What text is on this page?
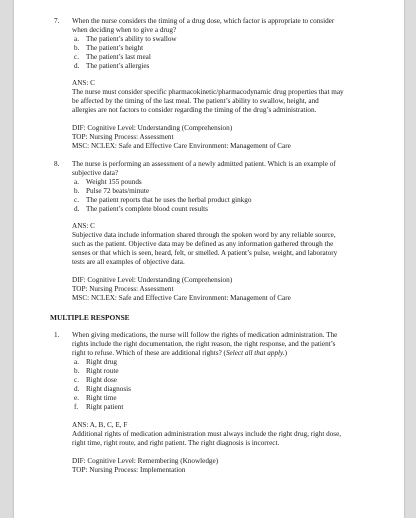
7. When the nurse considers the timing of a drug dose, which factor is appropriate to consider
when deciding when to give a drug?
a. The patient’s ability to swallow
b. The patient’s height
c. The patient’s last meal
d. The patient’s allergies
ANS: C
The nurse must consider specific pharmacokinetic/pharmacodynamic drug properties that may
be affected by the timing of the last meal. The patient’s ability to swallow, height, and
allergies are not factors to consider regarding the timing of the drug’s administration.
DIF: Cognitive Level: Understanding (Comprehension)
TOP: Nursing Process: Assessment
MSC: NCLEX: Safe and Effective Care Environment: Management of Care
8. The nurse is performing an assessment of a newly admitted patient. Which is an example of
subjective data?
a. Weight 155 pounds
b. Pulse 72 beats/minute
c. The patient reports that he uses the herbal product ginkgo
d. The patient’s complete blood count results
ANS: C
Subjective data include information shared through the spoken word by any reliable source,
such as the patient. Objective data may be defined as any information gathered through the
senses or that which is seen, heard, felt, or smelled. A patient’s pulse, weight, and laboratory
tests are all examples of objective data.
DIF: Cognitive Level: Understanding (Comprehension)
TOP: Nursing Process: Assessment
MSC: NCLEX: Safe and Effective Care Environment: Management of Care
MULTIPLE RESPONSE
1. When giving medications, the nurse will follow the rights of medication administration. The
rights include the right documentation, the right reason, the right response, and the patient’s
right to refuse. Which of these are additional rights? (Select all that apply.)
a. Right drug
b. Right route
c. Right dose
d. Right diagnosis
e. Right time
f. Right patient
ANS: A, B, C, E, F
Additional rights of medication administration must always include the right drug, right dose,
right time, right route, and right patient. The right diagnosis is incorrect.
DIF: Cognitive Level: Remembering (Knowledge)
TOP: Nursing Process: Implementation
